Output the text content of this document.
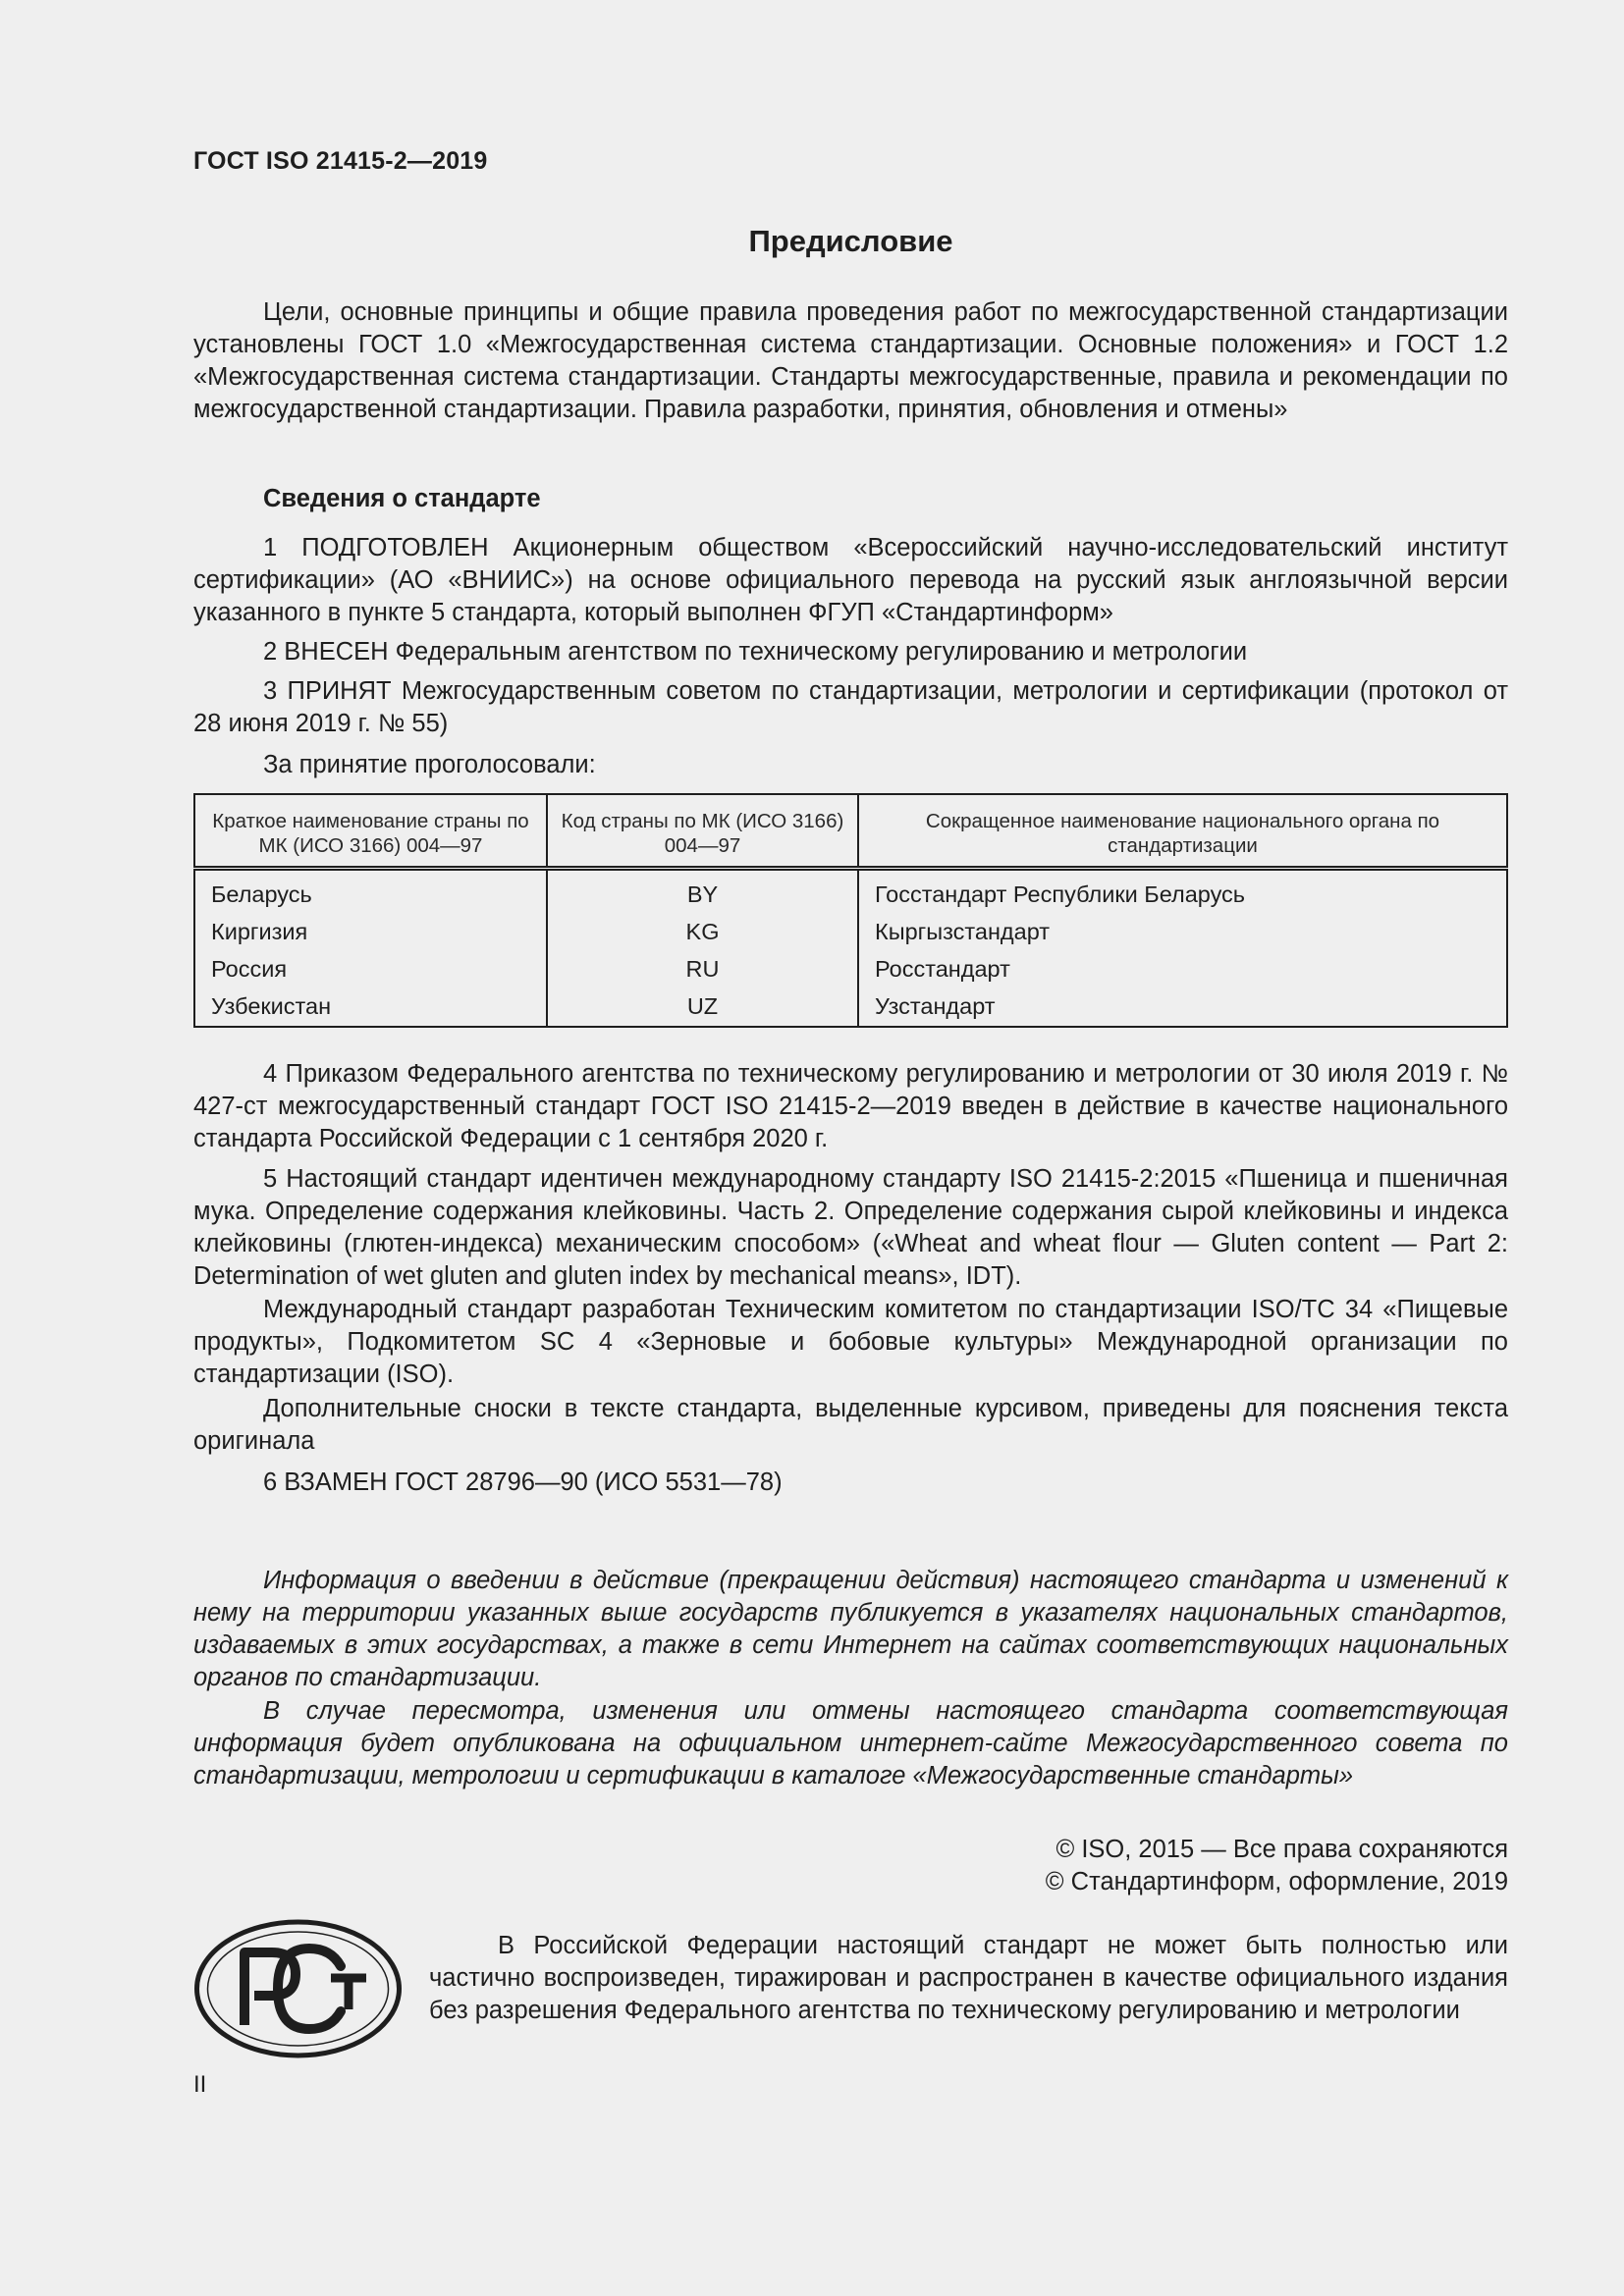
ГОСТ ISO 21415-2—2019
Предисловие

Цели, основные принципы и общие правила проведения работ по межгосударственной стандартизации установлены ГОСТ 1.0 «Межгосударственная система стандартизации. Основные положения» и ГОСТ 1.2 «Межгосударственная система стандартизации. Стандарты межгосударственные, правила и рекомендации по межгосударственной стандартизации. Правила разработки, принятия, обновления и отмены»

Сведения о стандарте

1 ПОДГОТОВЛЕН Акционерным обществом «Всероссийский научно-исследовательский институт сертификации» (АО «ВНИИС») на основе официального перевода на русский язык англоязычной версии указанного в пункте 5 стандарта, который выполнен ФГУП «Стандартинформ»

2 ВНЕСЕН Федеральным агентством по техническому регулированию и метрологии

3 ПРИНЯТ Межгосударственным советом по стандартизации, метрологии и сертификации (протокол от 28 июня 2019 г. № 55)

За принятие проголосовали:

Краткое наименование страны по МК (ИСО 3166) 004—97	Код страны по МК (ИСО 3166) 004—97	Сокращенное наименование национального органа по стандартизации
Беларусь	BY	Госстандарт Республики Беларусь
Киргизия	KG	Кыргызстандарт
Россия	RU	Росстандарт
Узбекистан	UZ	Узстандарт

4 Приказом Федерального агентства по техническому регулированию и метрологии от 30 июля 2019 г. № 427-ст межгосударственный стандарт ГОСТ ISO 21415-2—2019 введен в действие в качестве национального стандарта Российской Федерации с 1 сентября 2020 г.

5 Настоящий стандарт идентичен международному стандарту ISO 21415-2:2015 «Пшеница и пшеничная мука. Определение содержания клейковины. Часть 2. Определение содержания сырой клейковины и индекса клейковины (глютен-индекса) механическим способом» («Wheat and wheat flour — Gluten content — Part 2: Determination of wet gluten and gluten index by mechanical means», IDT).

Международный стандарт разработан Техническим комитетом по стандартизации ISO/TC 34 «Пищевые продукты», Подкомитетом SC 4 «Зерновые и бобовые культуры» Международной организации по стандартизации (ISO).

Дополнительные сноски в тексте стандарта, выделенные курсивом, приведены для пояснения текста оригинала

6 ВЗАМЕН ГОСТ 28796—90 (ИСО 5531—78)

Информация о введении в действие (прекращении действия) настоящего стандарта и изменений к нему на территории указанных выше государств публикуется в указателях национальных стандартов, издаваемых в этих государствах, а также в сети Интернет на сайтах соответствующих национальных органов по стандартизации.

В случае пересмотра, изменения или отмены настоящего стандарта соответствующая информация будет опубликована на официальном интернет-сайте Межгосударственного совета по стандартизации, метрологии и сертификации в каталоге «Межгосударственные стандарты»

© ISO, 2015 — Все права сохраняются
© Стандартинформ, оформление, 2019

В Российской Федерации настоящий стандарт не может быть полностью или частично воспроизведен, тиражирован и распространен в качестве официального издания без разрешения Федерального агентства по техническому регулированию и метрологии

II
